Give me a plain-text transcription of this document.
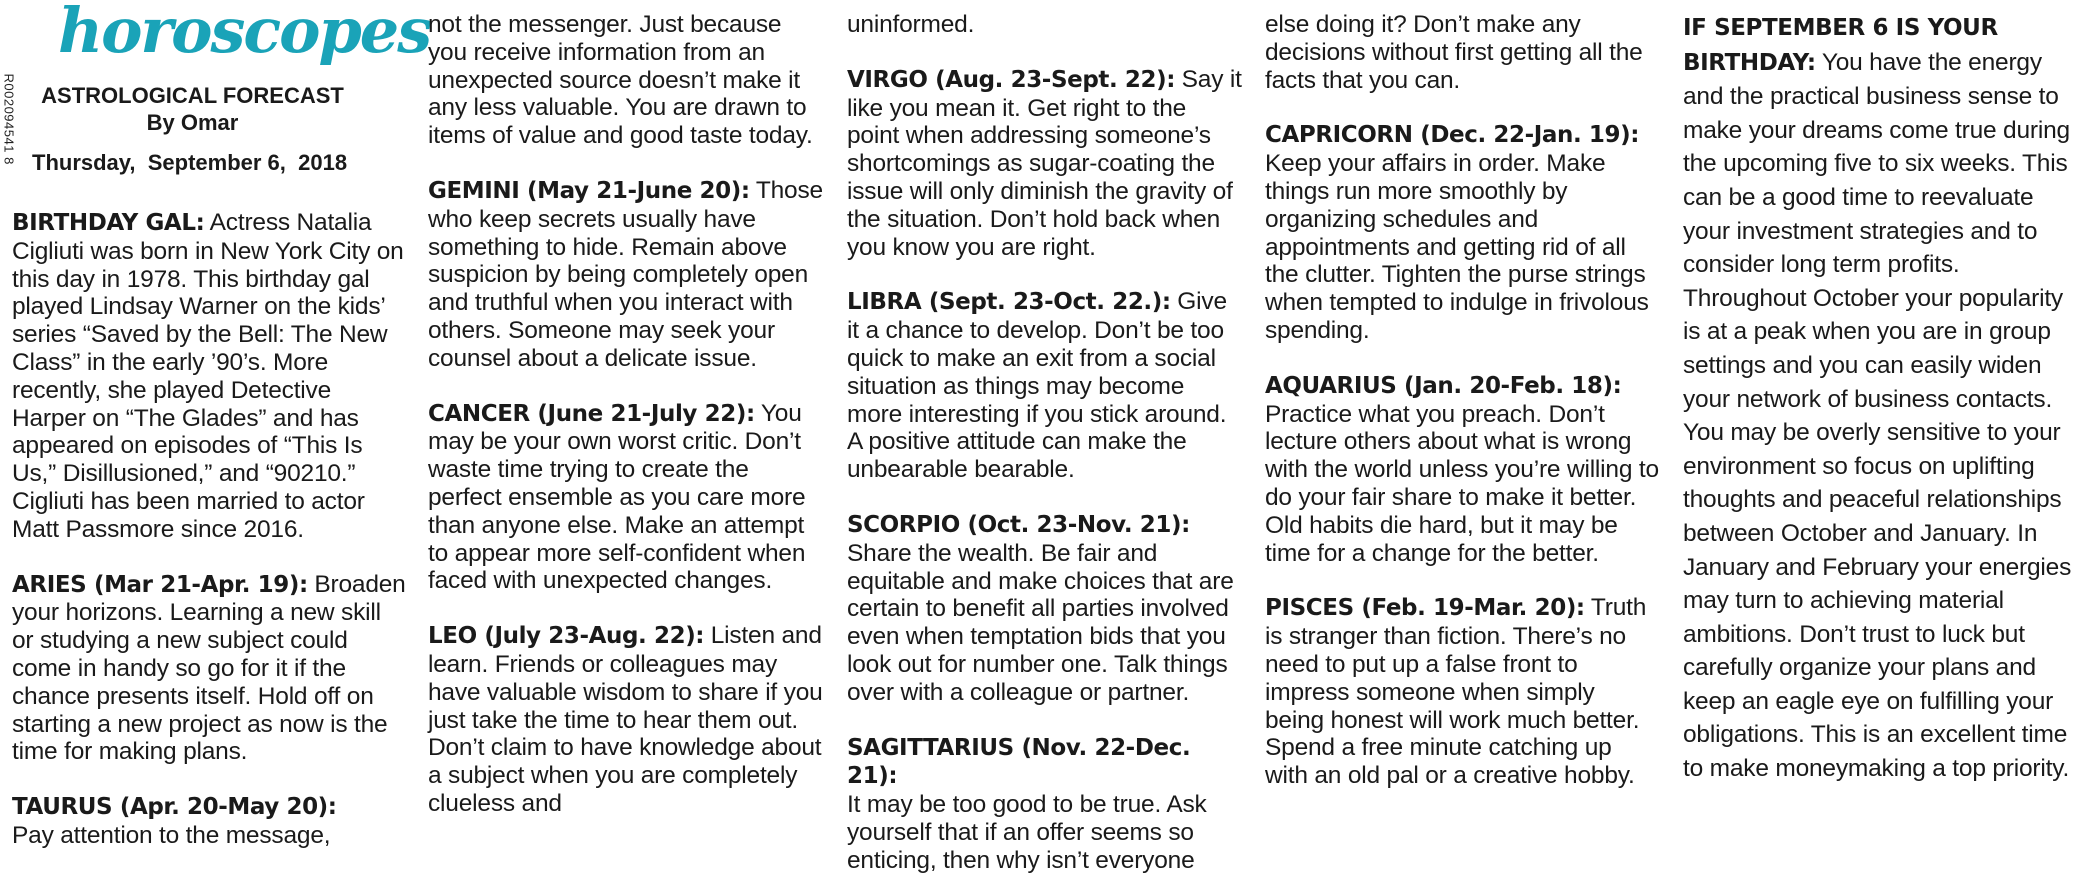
horoscopes
R002094541 8	ASTROLOGICAL FORECAST
By Omar
Thursday,  September 6,  2018

BIRTHDAY GAL: Actress Natalia Cigliuti was born in New York City on this day in 1978. This birthday gal played Lindsay Warner on the kids’ series “Saved by the Bell: The New Class” in the early ’90’s. More recently, she played Detective Harper on “The Glades” and has appeared on episodes of “This Is Us,” Disillusioned,” and “90210.” Cigliuti has been married to actor Matt Passmore since 2016.

ARIES (Mar 21-Apr. 19): Broaden your horizons. Learning a new skill or studying a new subject could come in handy so go for it if the chance presents itself. Hold off on starting a new project as now is the time for making plans.

TAURUS (Apr. 20-May 20):
Pay attention to the message,

not the messenger. Just because you receive information from an unexpected source doesn’t make it any less valuable. You are drawn to items of value and good taste today.

GEMINI (May 21-June 20): Those who keep secrets usually have something to hide. Remain above suspicion by being completely open and truthful when you interact with others. Someone may seek your counsel about a delicate issue.

CANCER (June 21-July 22): You may be your own worst critic. Don’t waste time trying to create the perfect ensemble as you care more than anyone else. Make an attempt to appear more self-confident when faced with unexpected changes.

LEO (July 23-Aug. 22): Listen and learn. Friends or colleagues may have valuable wisdom to share if you just take the time to hear them out. Don’t claim to have knowledge about a subject when you are completely clueless and

uninformed.

VIRGO (Aug. 23-Sept. 22): Say it like you mean it. Get right to the point when addressing someone’s shortcomings as sugar-coating the issue will only diminish the gravity of the situation. Don’t hold back when you know you are right.

LIBRA (Sept. 23-Oct. 22.): Give it a chance to develop. Don’t be too quick to make an exit from a social situation as things may become more interesting if you stick around. A positive attitude can make the unbearable bearable.

SCORPIO (Oct. 23-Nov. 21): Share the wealth. Be fair and equitable and make choices that are certain to benefit all parties involved even when temptation bids that you look out for number one. Talk things over with a colleague or partner.

SAGITTARIUS (Nov. 22-Dec. 21):
It may be too good to be true. Ask yourself that if an offer seems so enticing, then why isn’t everyone

else doing it? Don’t make any decisions without first getting all the facts that you can.

CAPRICORN (Dec. 22-Jan. 19): Keep your affairs in order. Make things run more smoothly by organizing schedules and appointments and getting rid of all the clutter. Tighten the purse strings when tempted to indulge in frivolous spending.

AQUARIUS (Jan. 20-Feb. 18): Practice what you preach. Don’t lecture others about what is wrong with the world unless you’re willing to do your fair share to make it better. Old habits die hard, but it may be time for a change for the better.

PISCES (Feb. 19-Mar. 20): Truth is stranger than fiction. There’s no need to put up a false front to impress someone when simply being honest will work much better. Spend a free minute catching up with an old pal or a creative hobby.

IF SEPTEMBER 6 IS YOUR BIRTHDAY: You have the energy and the practical business sense to make your dreams come true during the upcoming five to six weeks. This can be a good time to reevaluate your investment strategies and to consider long term profits. Throughout October your popularity is at a peak when you are in group settings and you can easily widen your network of business contacts. You may be overly sensitive to your environment so focus on uplifting thoughts and peaceful relationships between October and January. In January and February your energies may turn to achieving material ambitions. Don’t trust to luck but carefully organize your plans and keep an eagle eye on fulfilling your obligations. This is an excellent time to make moneymaking a top priority.
